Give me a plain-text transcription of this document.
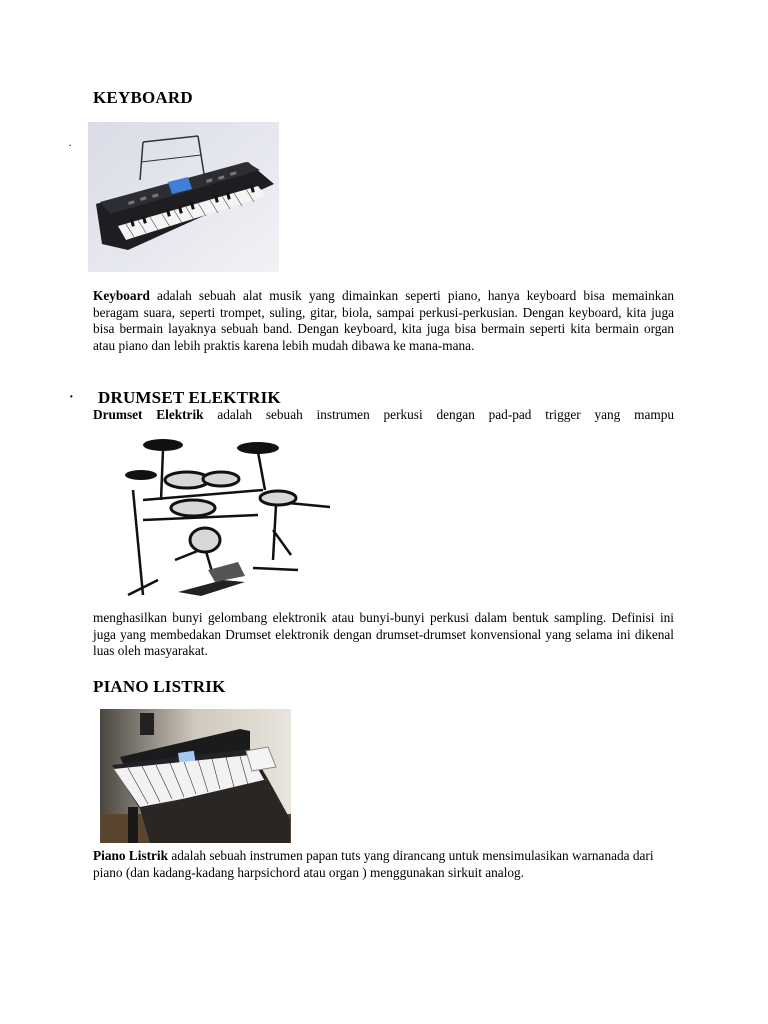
KEYBOARD
·
Keyboard adalah sebuah alat musik yang dimainkan seperti piano, hanya keyboard bisa memainkan beragam suara, seperti trompet, suling, gitar, biola, sampai perkusi-perkusian. Dengan keyboard, kita juga bisa bermain layaknya sebuah band. Dengan keyboard, kita juga bisa bermain seperti kita bermain organ atau piano dan lebih praktis karena lebih mudah dibawa ke mana-mana.
· DRUMSET ELEKTRIK
Drumset Elektrik adalah sebuah instrumen perkusi dengan pad-pad trigger yang mampu
menghasilkan bunyi gelombang elektronik atau bunyi-bunyi perkusi dalam bentuk sampling. Definisi ini juga yang membedakan Drumset elektronik dengan drumset-drumset konvensional yang selama ini dikenal luas oleh masyarakat.
PIANO LISTRIK
Piano Listrik adalah sebuah instrumen papan tuts yang dirancang untuk mensimulasikan warnanada dari piano (dan kadang-kadang harpsichord atau organ ) menggunakan sirkuit analog.
